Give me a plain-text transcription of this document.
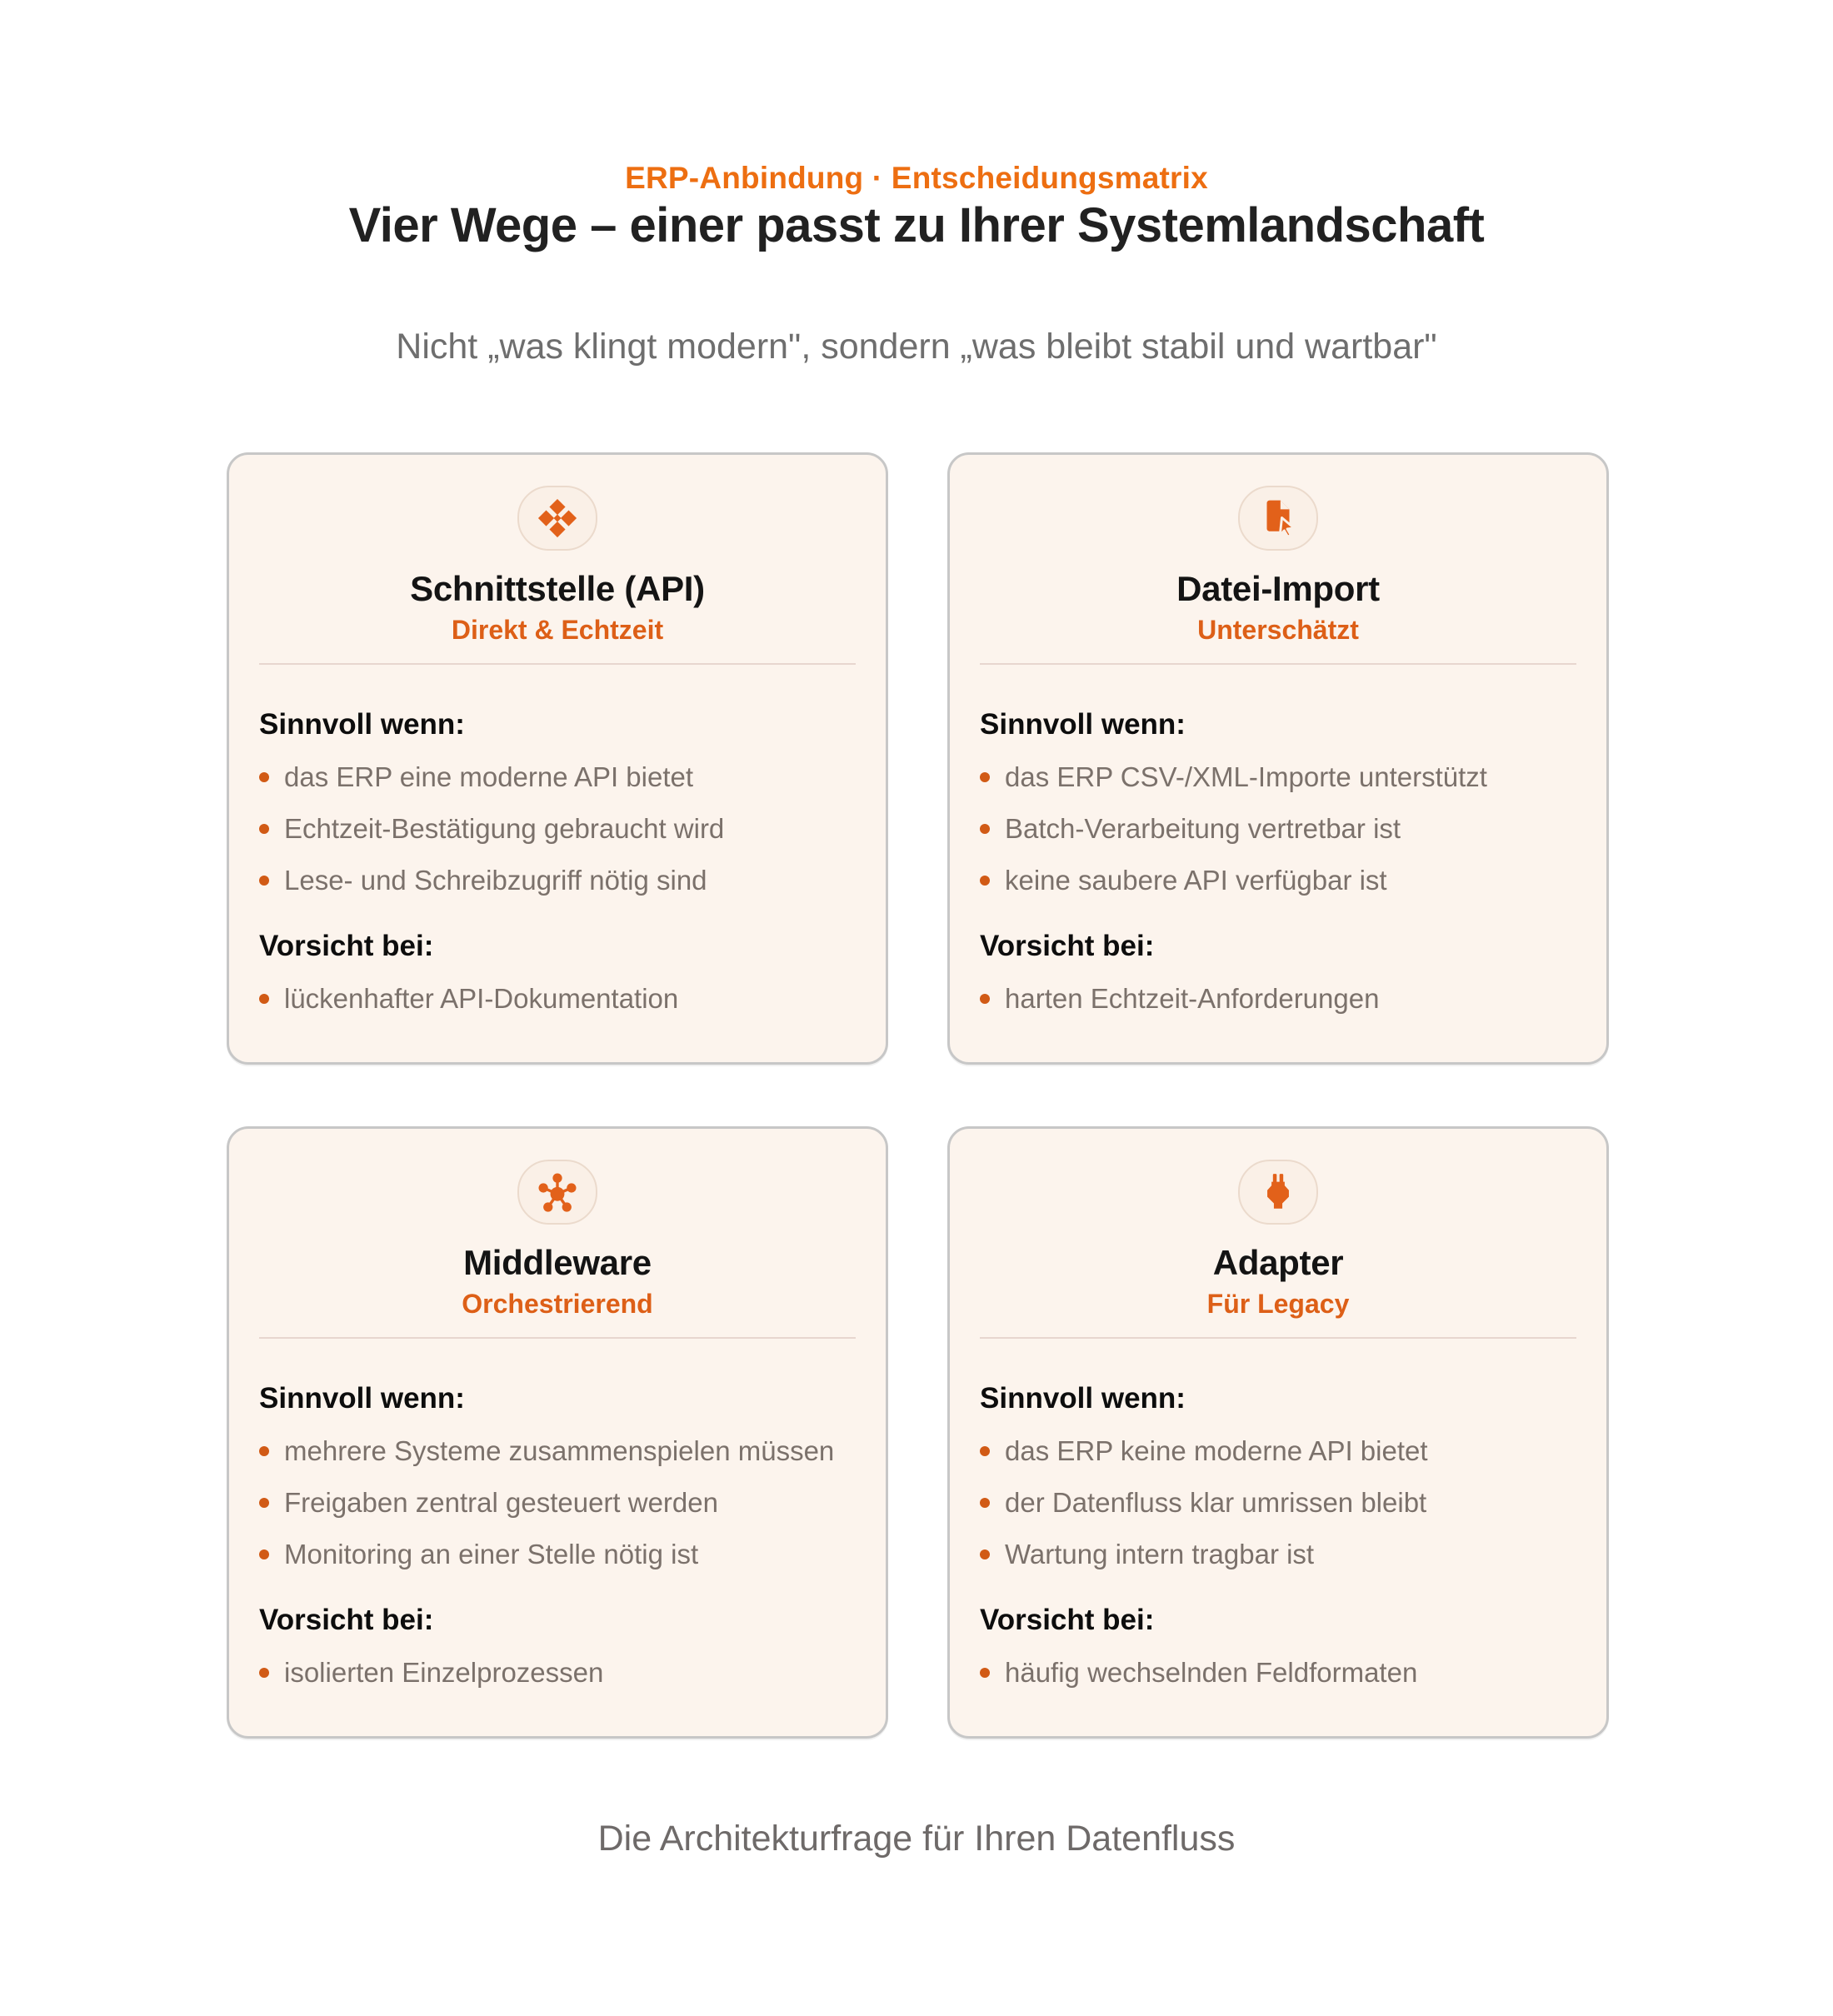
ERP-Anbindung · Entscheidungsmatrix
Vier Wege – einer passt zu Ihrer Systemlandschaft
Nicht „was klingt modern", sondern „was bleibt stabil und wartbar"
Schnittstelle (API)
Direkt & Echtzeit
Sinnvoll wenn:
das ERP eine moderne API bietet
Echtzeit-Bestätigung gebraucht wird
Lese- und Schreibzugriff nötig sind
Vorsicht bei:
lückenhafter API-Dokumentation
Datei-Import
Unterschätzt
Sinnvoll wenn:
das ERP CSV-/XML-Importe unterstützt
Batch-Verarbeitung vertretbar ist
keine saubere API verfügbar ist
Vorsicht bei:
harten Echtzeit-Anforderungen
Middleware
Orchestrierend
Sinnvoll wenn:
mehrere Systeme zusammenspielen müssen
Freigaben zentral gesteuert werden
Monitoring an einer Stelle nötig ist
Vorsicht bei:
isolierten Einzelprozessen
Adapter
Für Legacy
Sinnvoll wenn:
das ERP keine moderne API bietet
der Datenfluss klar umrissen bleibt
Wartung intern tragbar ist
Vorsicht bei:
häufig wechselnden Feldformaten
Die Architekturfrage für Ihren Datenfluss
